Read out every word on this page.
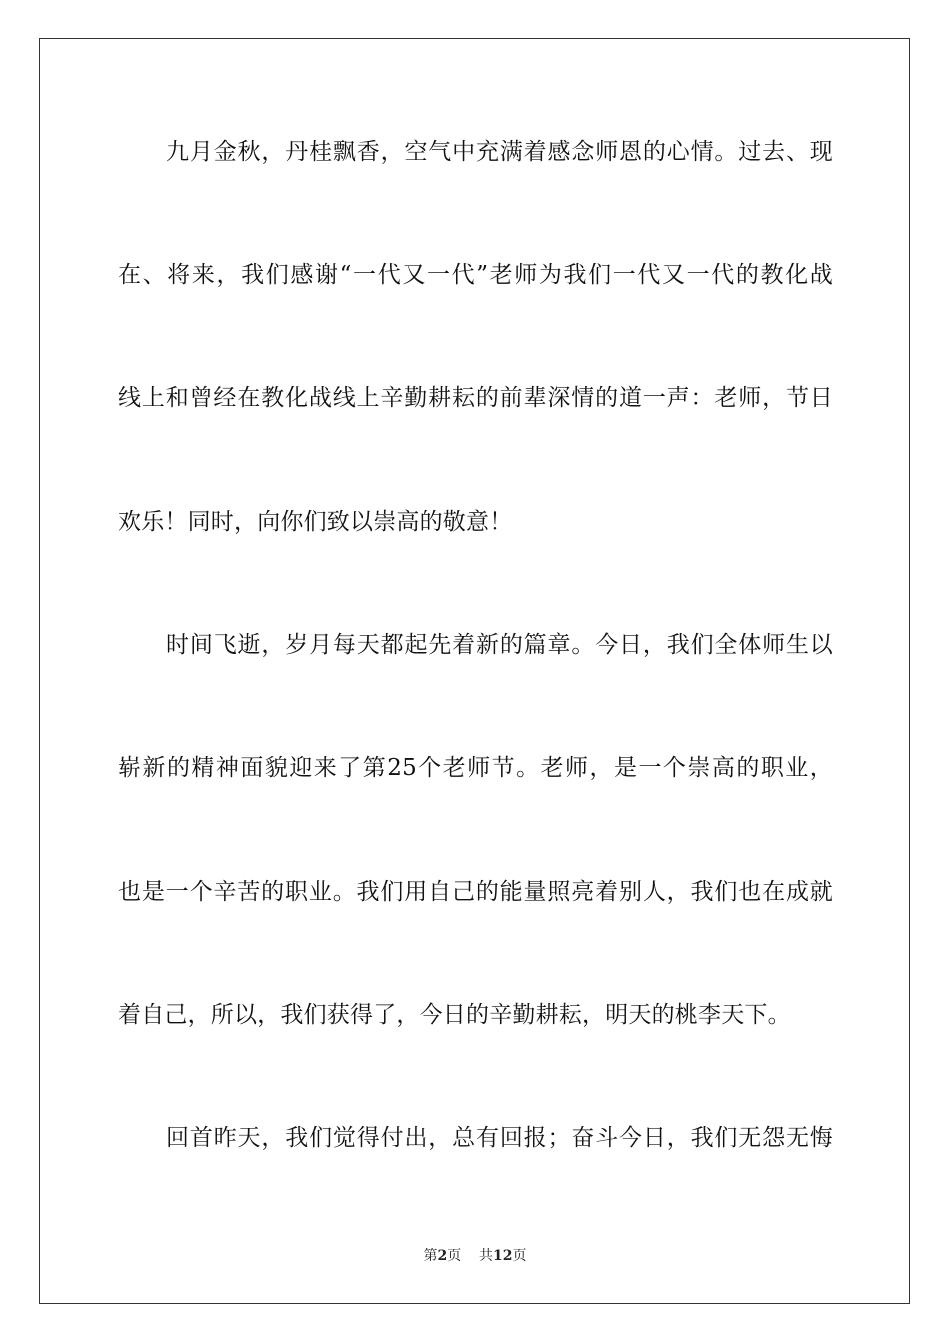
九月金秋，丹桂飘香，空气中充满着感念师恩的心情。过去、现
在、将来，我们感谢“一代又一代”老师为我们一代又一代的教化战
线上和曾经在教化战线上辛勤耕耘的前辈深情的道一声：老师，节日
欢乐！同时，向你们致以崇高的敬意！
时间飞逝，岁月每天都起先着新的篇章。今日，我们全体师生以
崭新的精神面貌迎来了第25个老师节。老师，是一个崇高的职业，
也是一个辛苦的职业。我们用自己的能量照亮着别人，我们也在成就
着自己，所以，我们获得了，今日的辛勤耕耘，明天的桃李天下。
回首昨天，我们觉得付出，总有回报；奋斗今日，我们无怨无悔
第2页 共12页
